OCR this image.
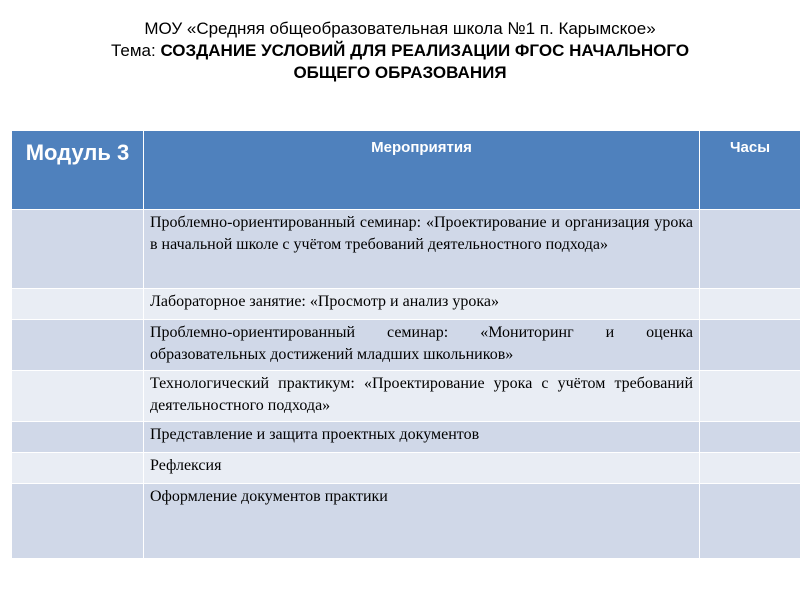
МОУ «Средняя общеобразовательная школа №1 п. Карымское»
Тема: СОЗДАНИЕ УСЛОВИЙ ДЛЯ РЕАЛИЗАЦИИ ФГОС НАЧАЛЬНОГО
ОБЩЕГО ОБРАЗОВАНИЯ
Модуль 3	Мероприятия	Часы
	Проблемно-ориентированный семинар: «Проектирование и организация урока в начальной школе с учётом требований деятельностного подхода»	
	Лабораторное занятие: «Просмотр и анализ урока»	
	Проблемно-ориентированный семинар: «Мониторинг и оценка образовательных достижений младших школьников»	
	Технологический практикум: «Проектирование урока с учётом требований деятельностного подхода»	
	Представление и защита проектных документов	
	Рефлексия	
	Оформление документов практики	
